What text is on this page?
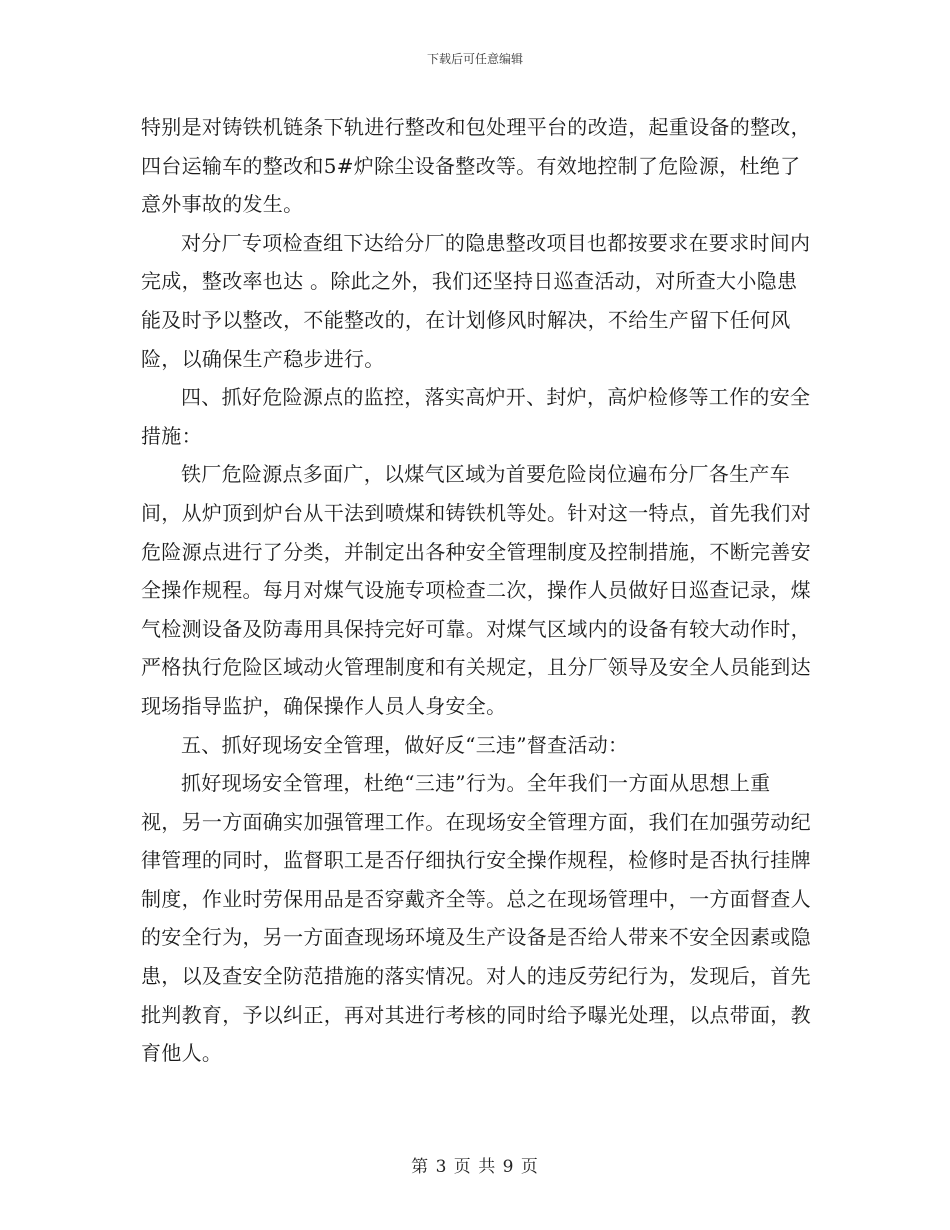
下载后可任意编辑

特别是对铸铁机链条下轨进行整改和包处理平台的改造，起重设备的整改，四台运输车的整改和5#炉除尘设备整改等。有效地控制了危险源，杜绝了意外事故的发生。

对分厂专项检查组下达给分厂的隐患整改项目也都按要求在要求时间内完成，整改率也达 。除此之外，我们还坚持日巡查活动，对所查大小隐患能及时予以整改，不能整改的，在计划修风时解决，不给生产留下任何风险，以确保生产稳步进行。

四、抓好危险源点的监控，落实高炉开、封炉，高炉检修等工作的安全措施：

铁厂危险源点多面广，以煤气区域为首要危险岗位遍布分厂各生产车间，从炉顶到炉台从干法到喷煤和铸铁机等处。针对这一特点，首先我们对危险源点进行了分类，并制定出各种安全管理制度及控制措施，不断完善安全操作规程。每月对煤气设施专项检查二次，操作人员做好日巡查记录，煤气检测设备及防毒用具保持完好可靠。对煤气区域内的设备有较大动作时，严格执行危险区域动火管理制度和有关规定，且分厂领导及安全人员能到达现场指导监护，确保操作人员人身安全。

五、抓好现场安全管理，做好反“三违”督查活动：

抓好现场安全管理，杜绝“三违”行为。全年我们一方面从思想上重视，另一方面确实加强管理工作。在现场安全管理方面，我们在加强劳动纪律管理的同时，监督职工是否仔细执行安全操作规程，检修时是否执行挂牌制度，作业时劳保用品是否穿戴齐全等。总之在现场管理中，一方面督查人的安全行为，另一方面查现场环境及生产设备是否给人带来不安全因素或隐患，以及查安全防范措施的落实情况。对人的违反劳纪行为，发现后，首先批判教育，予以纠正，再对其进行考核的同时给予曝光处理，以点带面，教育他人。

第 3 页 共 9 页
